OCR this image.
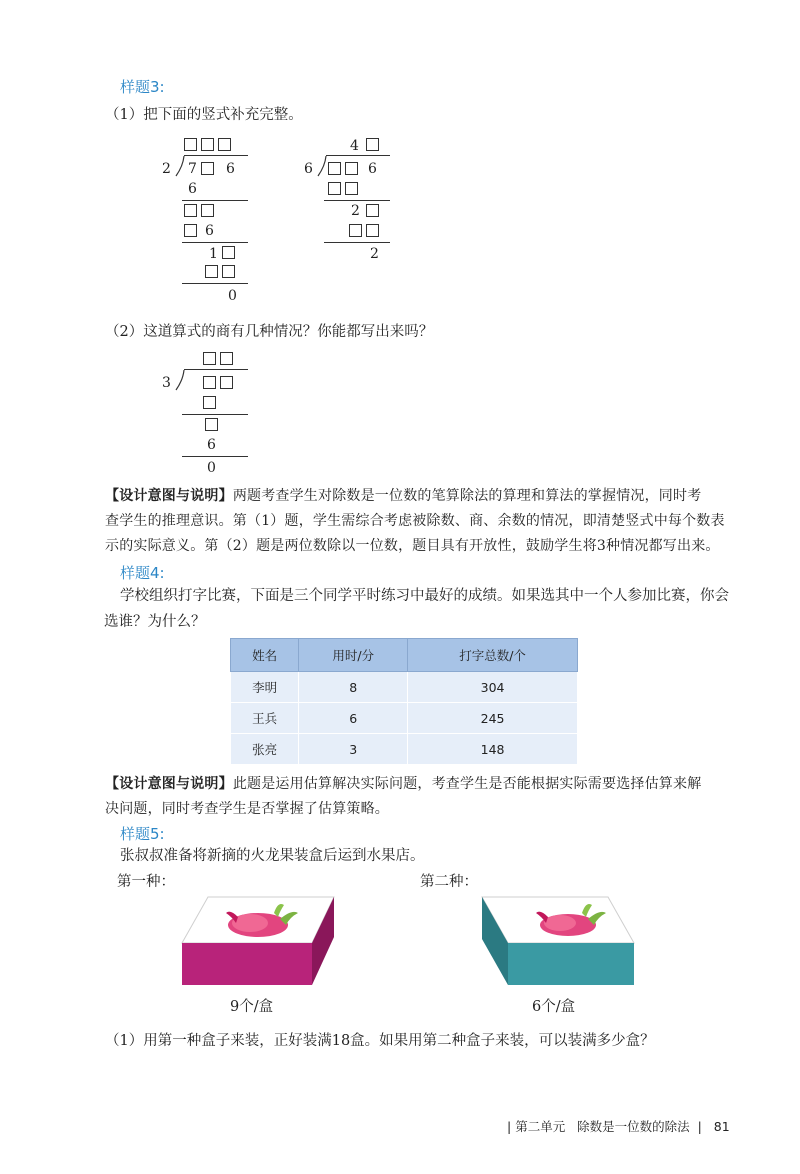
样题3:
（1）把下面的竖式补充完整。
2 7 6
6
6
1
0
4
6	6
2
2
（2）这道算式的商有几种情况？你能都写出来吗？
3
6
0
【设计意图与说明】两题考查学生对除数是一位数的笔算除法的算理和算法的掌握情况，同时考
查学生的推理意识。第（1）题，学生需综合考虑被除数、商、余数的情况，即清楚竖式中每个数表
示的实际意义。第（2）题是两位数除以一位数，题目具有开放性，鼓励学生将3种情况都写出来。
样题4:
学校组织打字比赛，下面是三个同学平时练习中最好的成绩。如果选其中一个人参加比赛，你会
选谁？为什么？
姓名	用时/分	打字总数/个
李明	8	304
王兵	6	245
张亮	3	148
【设计意图与说明】此题是运用估算解决实际问题，考查学生是否能根据实际需要选择估算来解
决问题，同时考查学生是否掌握了估算策略。
样题5:
张叔叔准备将新摘的火龙果装盒后运到水果店。
第一种：	第二种：
9个/盒	6个/盒
（1）用第一种盒子来装，正好装满18盒。如果用第二种盒子来装，可以装满多少盒？
| 第二单元 除数是一位数的除法  |   81
